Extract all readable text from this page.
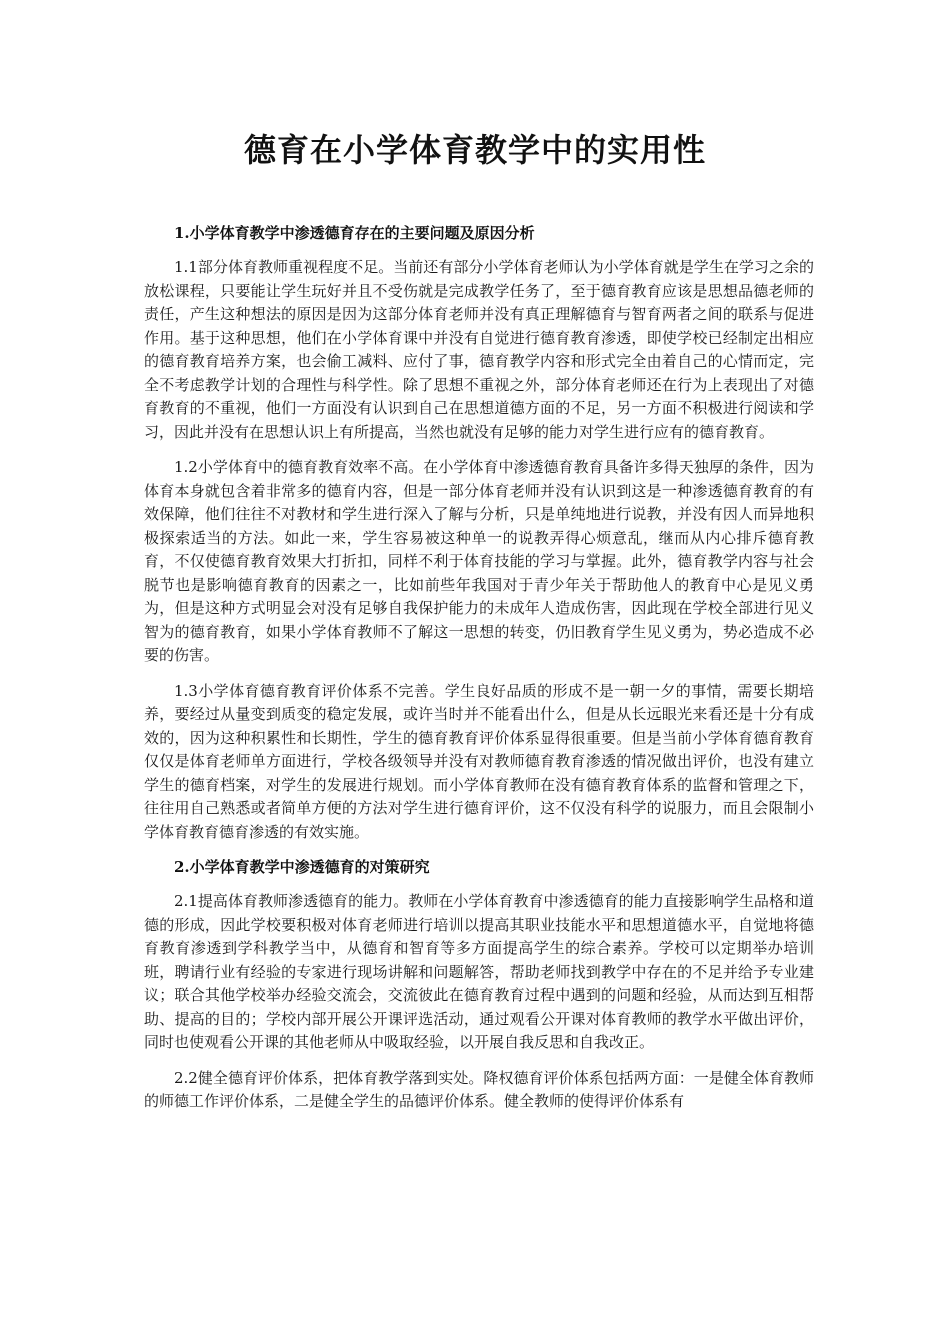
德育在小学体育教学中的实用性
1.小学体育教学中渗透德育存在的主要问题及原因分析

1.1部分体育教师重视程度不足。当前还有部分小学体育老师认为小学体育就是学生在学习之余的放松课程，只要能让学生玩好并且不受伤就是完成教学任务了，至于德育教育应该是思想品德老师的责任，产生这种想法的原因是因为这部分体育老师并没有真正理解德育与智育两者之间的联系与促进作用。基于这种思想，他们在小学体育课中并没有自觉进行德育教育渗透，即使学校已经制定出相应的德育教育培养方案，也会偷工减料、应付了事，德育教学内容和形式完全由着自己的心情而定，完全不考虑教学计划的合理性与科学性。除了思想不重视之外，部分体育老师还在行为上表现出了对德育教育的不重视，他们一方面没有认识到自己在思想道德方面的不足，另一方面不积极进行阅读和学习，因此并没有在思想认识上有所提高，当然也就没有足够的能力对学生进行应有的德育教育。

1.2小学体育中的德育教育效率不高。在小学体育中渗透德育教育具备许多得天独厚的条件，因为体育本身就包含着非常多的德育内容，但是一部分体育老师并没有认识到这是一种渗透德育教育的有效保障，他们往往不对教材和学生进行深入了解与分析，只是单纯地进行说教，并没有因人而异地积极探索适当的方法。如此一来，学生容易被这种单一的说教弄得心烦意乱，继而从内心排斥德育教育，不仅使德育教育效果大打折扣，同样不利于体育技能的学习与掌握。此外，德育教学内容与社会脱节也是影响德育教育的因素之一，比如前些年我国对于青少年关于帮助他人的教育中心是见义勇为，但是这种方式明显会对没有足够自我保护能力的未成年人造成伤害，因此现在学校全部进行见义智为的德育教育，如果小学体育教师不了解这一思想的转变，仍旧教育学生见义勇为，势必造成不必要的伤害。

1.3小学体育德育教育评价体系不完善。学生良好品质的形成不是一朝一夕的事情，需要长期培养，要经过从量变到质变的稳定发展，或许当时并不能看出什么，但是从长远眼光来看还是十分有成效的，因为这种积累性和长期性，学生的德育教育评价体系显得很重要。但是当前小学体育德育教育仅仅是体育老师单方面进行，学校各级领导并没有对教师德育教育渗透的情况做出评价，也没有建立学生的德育档案，对学生的发展进行规划。而小学体育教师在没有德育教育体系的监督和管理之下，往往用自己熟悉或者简单方便的方法对学生进行德育评价，这不仅没有科学的说服力，而且会限制小学体育教育德育渗透的有效实施。

2.小学体育教学中渗透德育的对策研究

2.1提高体育教师渗透德育的能力。教师在小学体育教育中渗透德育的能力直接影响学生品格和道德的形成，因此学校要积极对体育老师进行培训以提高其职业技能水平和思想道德水平，自觉地将德育教育渗透到学科教学当中，从德育和智育等多方面提高学生的综合素养。学校可以定期举办培训班，聘请行业有经验的专家进行现场讲解和问题解答，帮助老师找到教学中存在的不足并给予专业建议；联合其他学校举办经验交流会，交流彼此在德育教育过程中遇到的问题和经验，从而达到互相帮助、提高的目的；学校内部开展公开课评选活动，通过观看公开课对体育教师的教学水平做出评价，同时也使观看公开课的其他老师从中吸取经验，以开展自我反思和自我改正。

2.2健全德育评价体系，把体育教学落到实处。降权德育评价体系包括两方面：一是健全体育教师的师德工作评价体系，二是健全学生的品德评价体系。健全教师的使得评价体系有
